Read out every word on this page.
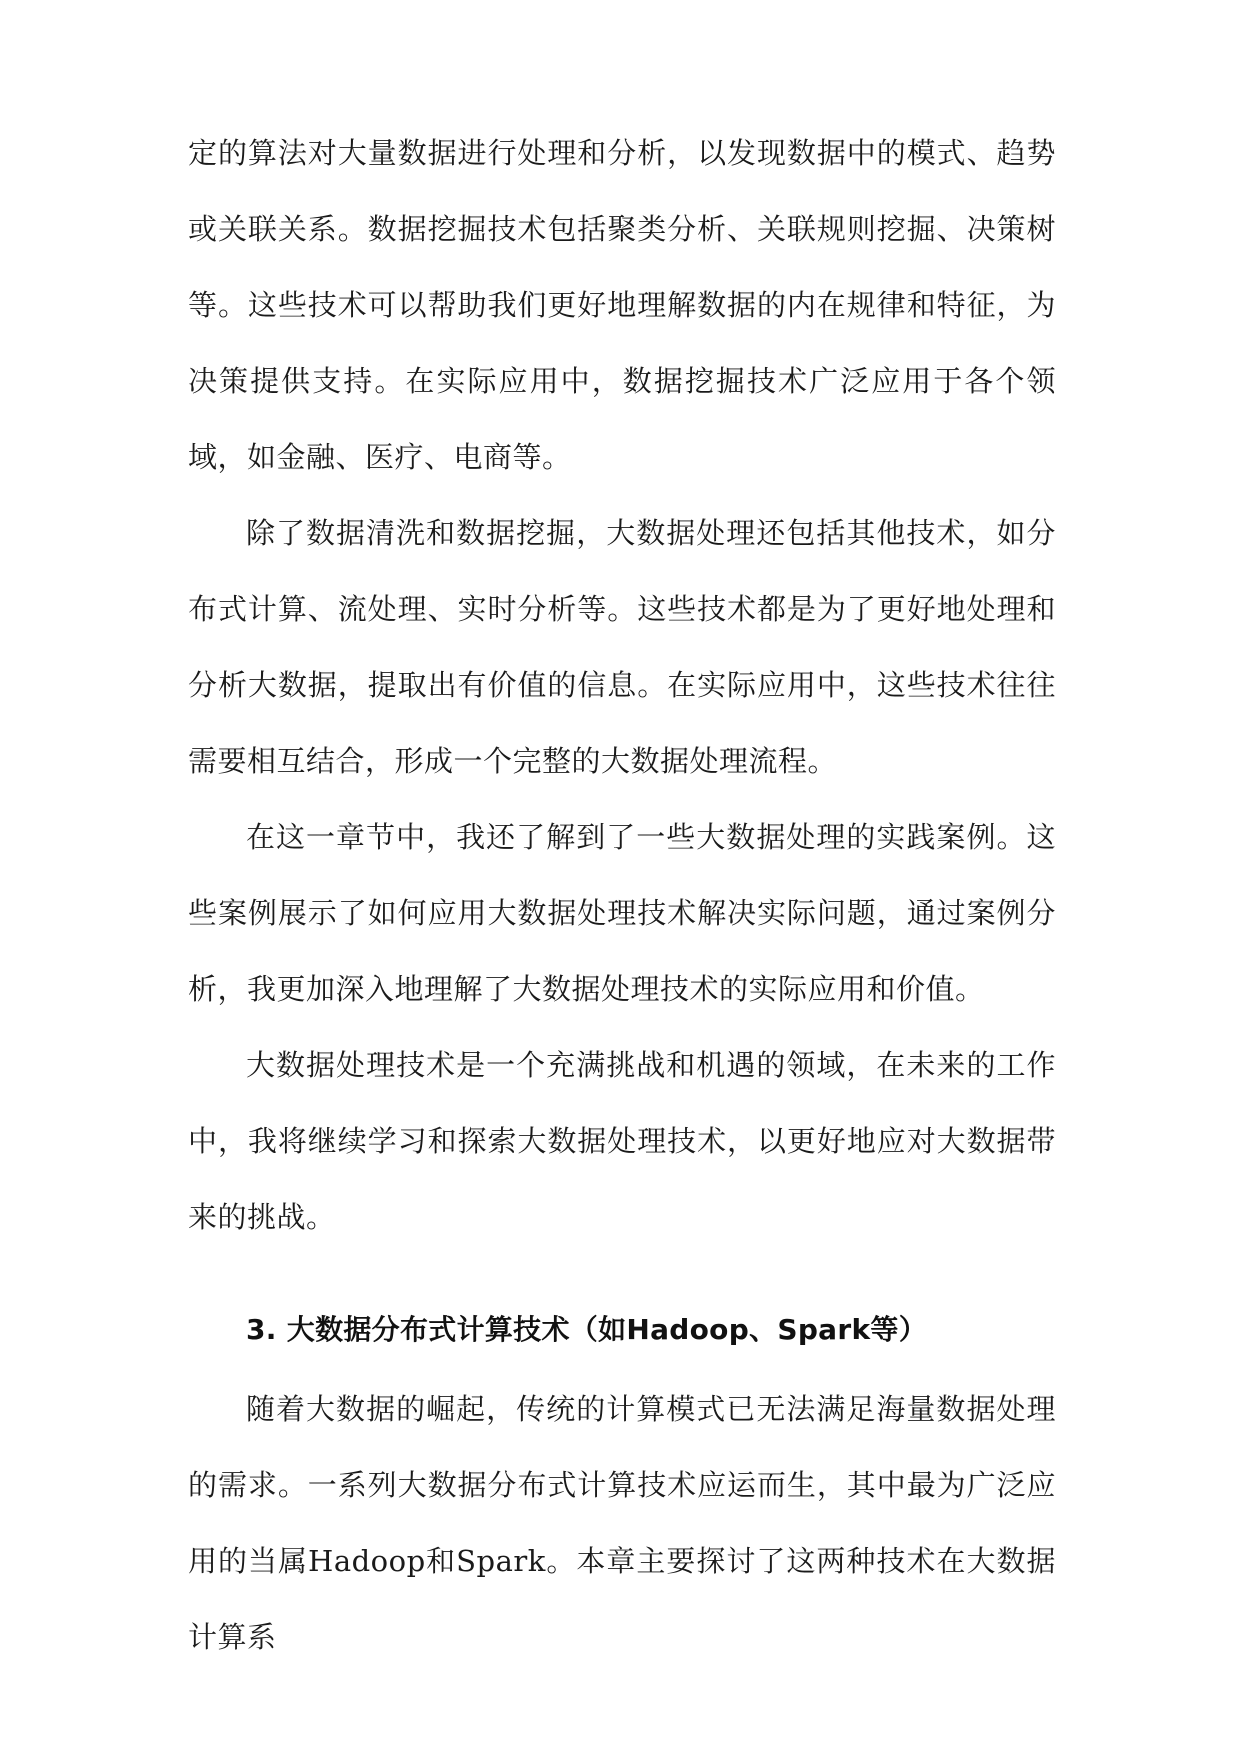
定的算法对大量数据进行处理和分析，以发现数据中的模式、趋势或关联关系。数据挖掘技术包括聚类分析、关联规则挖掘、决策树等。这些技术可以帮助我们更好地理解数据的内在规律和特征，为决策提供支持。在实际应用中，数据挖掘技术广泛应用于各个领域，如金融、医疗、电商等。

除了数据清洗和数据挖掘，大数据处理还包括其他技术，如分布式计算、流处理、实时分析等。这些技术都是为了更好地处理和分析大数据，提取出有价值的信息。在实际应用中，这些技术往往需要相互结合，形成一个完整的大数据处理流程。

在这一章节中，我还了解到了一些大数据处理的实践案例。这些案例展示了如何应用大数据处理技术解决实际问题，通过案例分析，我更加深入地理解了大数据处理技术的实际应用和价值。

大数据处理技术是一个充满挑战和机遇的领域，在未来的工作中，我将继续学习和探索大数据处理技术，以更好地应对大数据带来的挑战。

3. 大数据分布式计算技术（如Hadoop、Spark等）

随着大数据的崛起，传统的计算模式已无法满足海量数据处理的需求。一系列大数据分布式计算技术应运而生，其中最为广泛应用的当属Hadoop和Spark。本章主要探讨了这两种技术在大数据计算系
